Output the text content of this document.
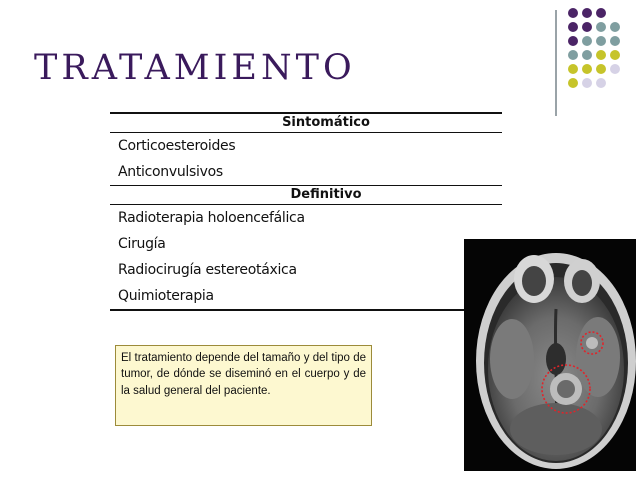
TRATAMIENTO
Sintomático
Corticoesteroides
Anticonvulsivos
Definitivo
Radioterapia holoencefálica
Cirugía
Radiocirugía estereotáxica
Quimioterapia
El tratamiento depende del tamaño y del tipo de tumor, de dónde se diseminó en el cuerpo y de la salud general del paciente.
